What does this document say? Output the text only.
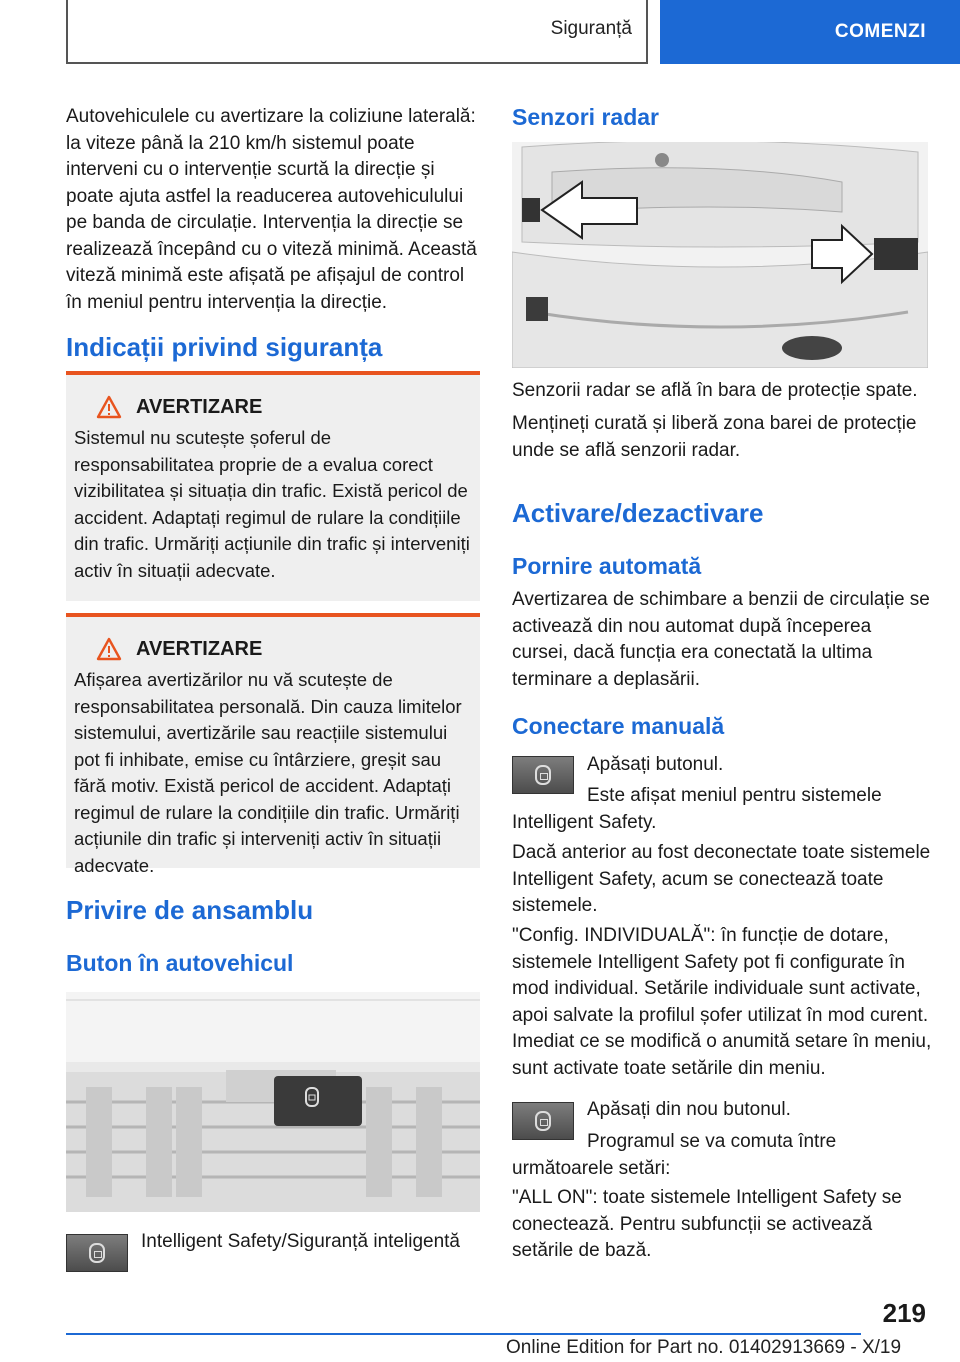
Siguranță	COMENZI

Autovehiculele cu avertizare la coliziune laterală: la viteze până la 210 km/h sistemul poate interveni cu o intervenție scurtă la direcție și poate ajuta astfel la readucerea autovehiculului pe banda de circulație. Intervenția la direcție se realizează începând cu o viteză minimă. Această viteză minimă este afișată pe afișajul de control în meniul pentru intervenția la direcție.

Indicații privind siguranța
AVERTIZARE

Sistemul nu scutește șoferul de responsabilitatea proprie de a evalua corect vizibilitatea și situația din trafic. Există pericol de accident. Adaptați regimul de rulare la condițiile din trafic. Urmăriți acțiunile din trafic și interveniți activ în situații adecvate.

AVERTIZARE

Afișarea avertizărilor nu vă scutește de responsabilitatea personală. Din cauza limitelor sistemului, avertizările sau reacțiile sistemului pot fi inhibate, emise cu întârziere, greșit sau fără motiv. Există pericol de accident. Adaptați regimul de rulare la condițiile din trafic. Urmăriți acțiunile din trafic și interveniți activ în situații adecvate.

Privire de ansamblu
Buton în autovehicul

Intelligent Safety/Siguranță inteligentă

Senzori radar

Senzorii radar se află în bara de protecție spate.

Mențineți curată și liberă zona barei de protecție unde se află senzorii radar.

Activare/dezactivare
Pornire automată

Avertizarea de schimbare a benzii de circulație se activează din nou automat după începerea cursei, dacă funcția era conectată la ultima terminare a deplasării.

Conectare manuală

Apăsați butonul.

Este afișat meniul pentru sistemele Intelligent Safety.

Dacă anterior au fost deconectate toate sistemele Intelligent Safety, acum se conectează toate sistemele.

"Config. INDIVIDUALĂ": în funcție de dotare, sistemele Intelligent Safety pot fi configurate în mod individual. Setările individuale sunt activate, apoi salvate la profilul șofer utilizat în mod curent. Imediat ce se modifică o anumită setare în meniu, sunt activate toate setările din meniu.

Apăsați din nou butonul.

Programul se va comuta între următoarele setări:

"ALL ON": toate sistemele Intelligent Safety se conectează. Pentru subfuncții se activează setările de bază.

219
Online Edition for Part no. 01402913669 - X/19
